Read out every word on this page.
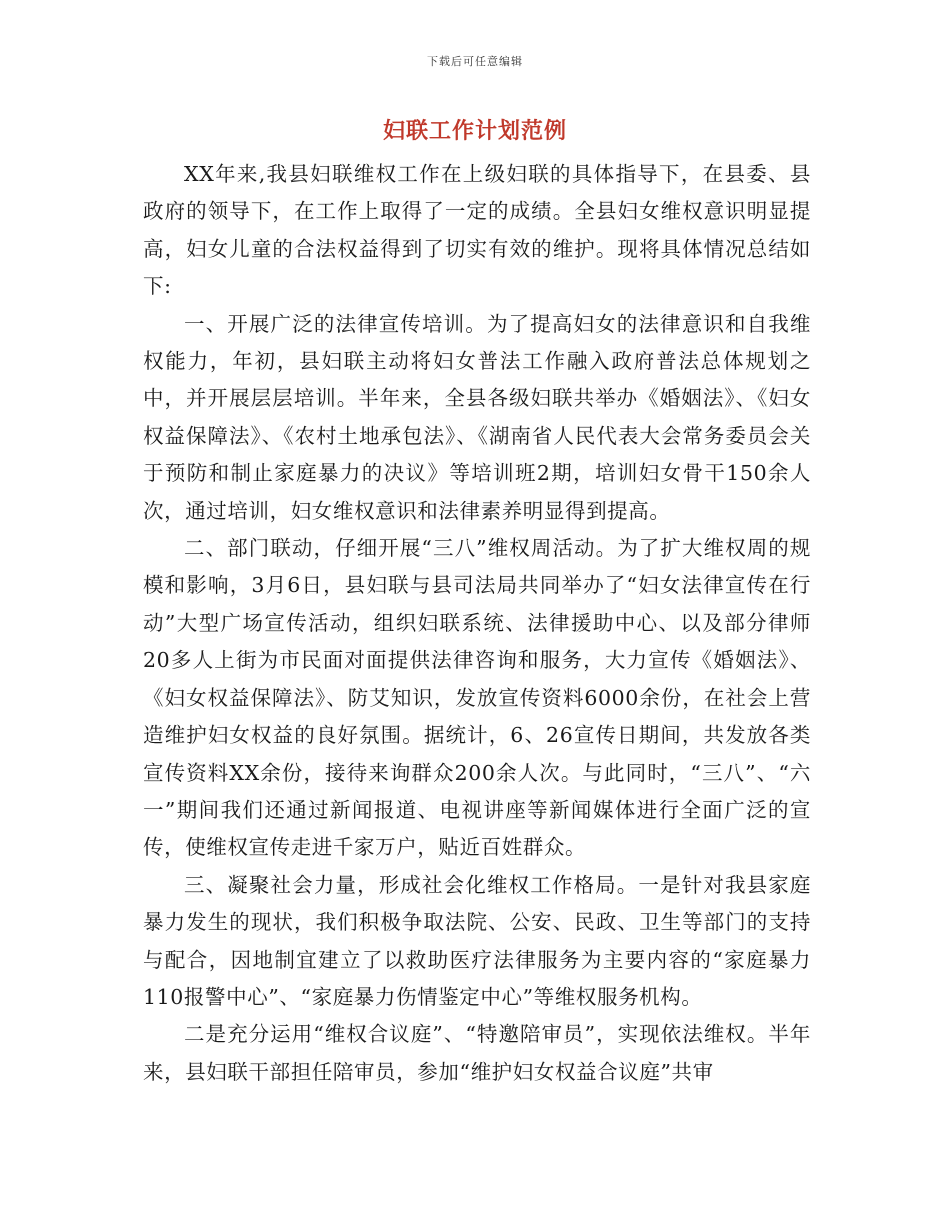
下载后可任意编辑
妇联工作计划范例

XX年来,我县妇联维权工作在上级妇联的具体指导下，在县委、县政府的领导下，在工作上取得了一定的成绩。全县妇女维权意识明显提高，妇女儿童的合法权益得到了切实有效的维护。现将具体情况总结如下:

一、开展广泛的法律宣传培训。为了提高妇女的法律意识和自我维权能力，年初，县妇联主动将妇女普法工作融入政府普法总体规划之中，并开展层层培训。半年来，全县各级妇联共举办《婚姻法》、《妇女权益保障法》、《农村土地承包法》、《湖南省人民代表大会常务委员会关于预防和制止家庭暴力的决议》等培训班2期，培训妇女骨干150余人次，通过培训，妇女维权意识和法律素养明显得到提高。

二、部门联动，仔细开展“三八”维权周活动。为了扩大维权周的规模和影响，3月6日，县妇联与县司法局共同举办了“妇女法律宣传在行动”大型广场宣传活动，组织妇联系统、法律援助中心、以及部分律师20多人上街为市民面对面提供法律咨询和服务，大力宣传《婚姻法》、《妇女权益保障法》、防艾知识，发放宣传资料6000余份，在社会上营造维护妇女权益的良好氛围。据统计，6、26宣传日期间，共发放各类宣传资料XX余份，接待来询群众200余人次。与此同时，“三八”、“六一”期间我们还通过新闻报道、电视讲座等新闻媒体进行全面广泛的宣传，使维权宣传走进千家万户，贴近百姓群众。

三、凝聚社会力量，形成社会化维权工作格局。一是针对我县家庭暴力发生的现状，我们积极争取法院、公安、民政、卫生等部门的支持与配合，因地制宜建立了以救助医疗法律服务为主要内容的“家庭暴力110报警中心”、“家庭暴力伤情鉴定中心”等维权服务机构。

二是充分运用“维权合议庭”、“特邀陪审员”，实现依法维权。半年来，县妇联干部担任陪审员，参加“维护妇女权益合议庭”共审
